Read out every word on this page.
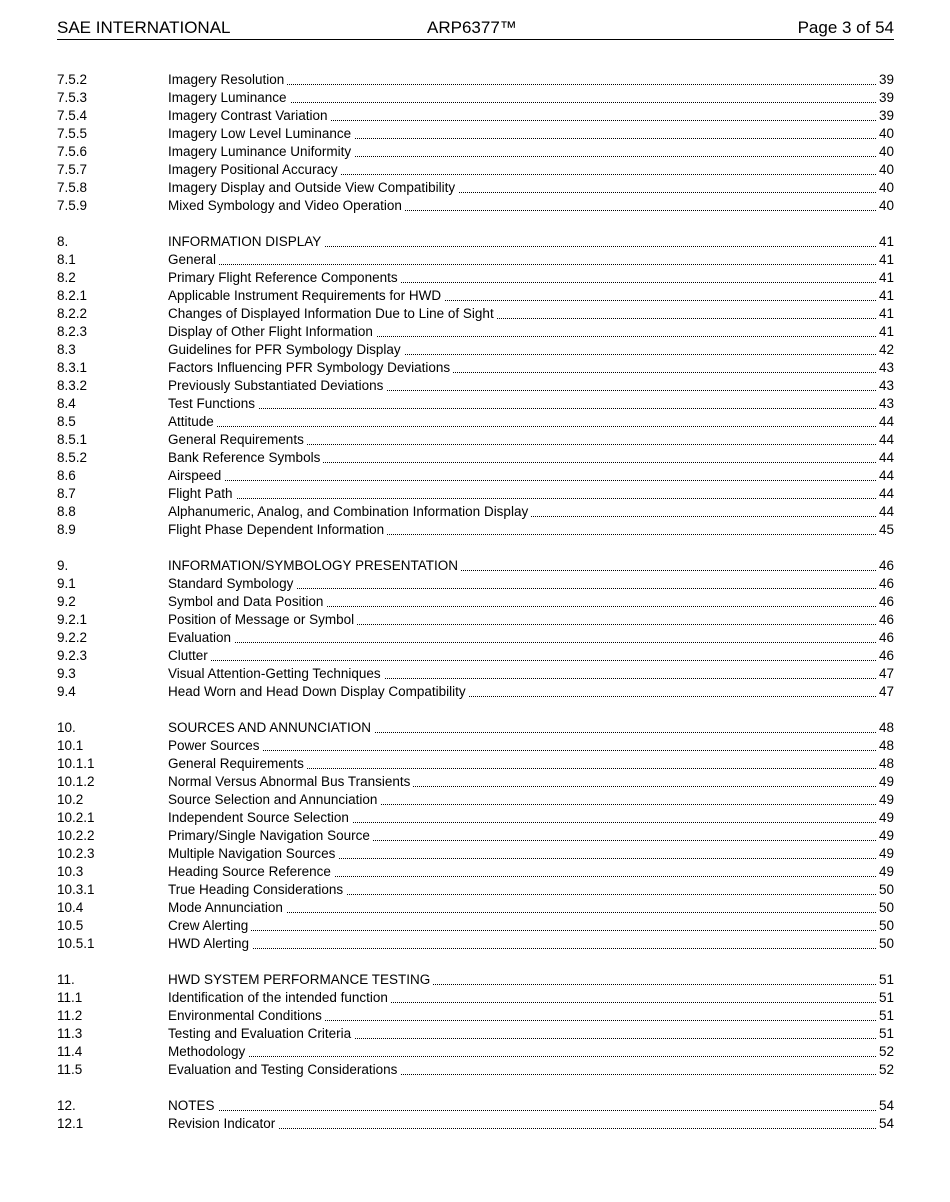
SAE INTERNATIONAL	ARP6377™	Page 3 of 54
7.5.2	Imagery Resolution	39
7.5.3	Imagery Luminance	39
7.5.4	Imagery Contrast Variation	39
7.5.5	Imagery Low Level Luminance	40
7.5.6	Imagery Luminance Uniformity	40
7.5.7	Imagery Positional Accuracy	40
7.5.8	Imagery Display and Outside View Compatibility	40
7.5.9	Mixed Symbology and Video Operation	40
8.	INFORMATION DISPLAY	41
8.1	General	41
8.2	Primary Flight Reference Components	41
8.2.1	Applicable Instrument Requirements for HWD	41
8.2.2	Changes of Displayed Information Due to Line of Sight	41
8.2.3	Display of Other Flight Information	41
8.3	Guidelines for PFR Symbology Display	42
8.3.1	Factors Influencing PFR Symbology Deviations	43
8.3.2	Previously Substantiated Deviations	43
8.4	Test Functions	43
8.5	Attitude	44
8.5.1	General Requirements	44
8.5.2	Bank Reference Symbols	44
8.6	Airspeed	44
8.7	Flight Path	44
8.8	Alphanumeric, Analog, and Combination Information Display	44
8.9	Flight Phase Dependent Information	45
9.	INFORMATION/SYMBOLOGY PRESENTATION	46
9.1	Standard Symbology	46
9.2	Symbol and Data Position	46
9.2.1	Position of Message or Symbol	46
9.2.2	Evaluation	46
9.2.3	Clutter	46
9.3	Visual Attention-Getting Techniques	47
9.4	Head Worn and Head Down Display Compatibility	47
10.	SOURCES AND ANNUNCIATION	48
10.1	Power Sources	48
10.1.1	General Requirements	48
10.1.2	Normal Versus Abnormal Bus Transients	49
10.2	Source Selection and Annunciation	49
10.2.1	Independent Source Selection	49
10.2.2	Primary/Single Navigation Source	49
10.2.3	Multiple Navigation Sources	49
10.3	Heading Source Reference	49
10.3.1	True Heading Considerations	50
10.4	Mode Annunciation	50
10.5	Crew Alerting	50
10.5.1	HWD Alerting	50
11.	HWD SYSTEM PERFORMANCE TESTING	51
11.1	Identification of the intended function	51
11.2	Environmental Conditions	51
11.3	Testing and Evaluation Criteria	51
11.4	Methodology	52
11.5	Evaluation and Testing Considerations	52
12.	NOTES	54
12.1	Revision Indicator	54
